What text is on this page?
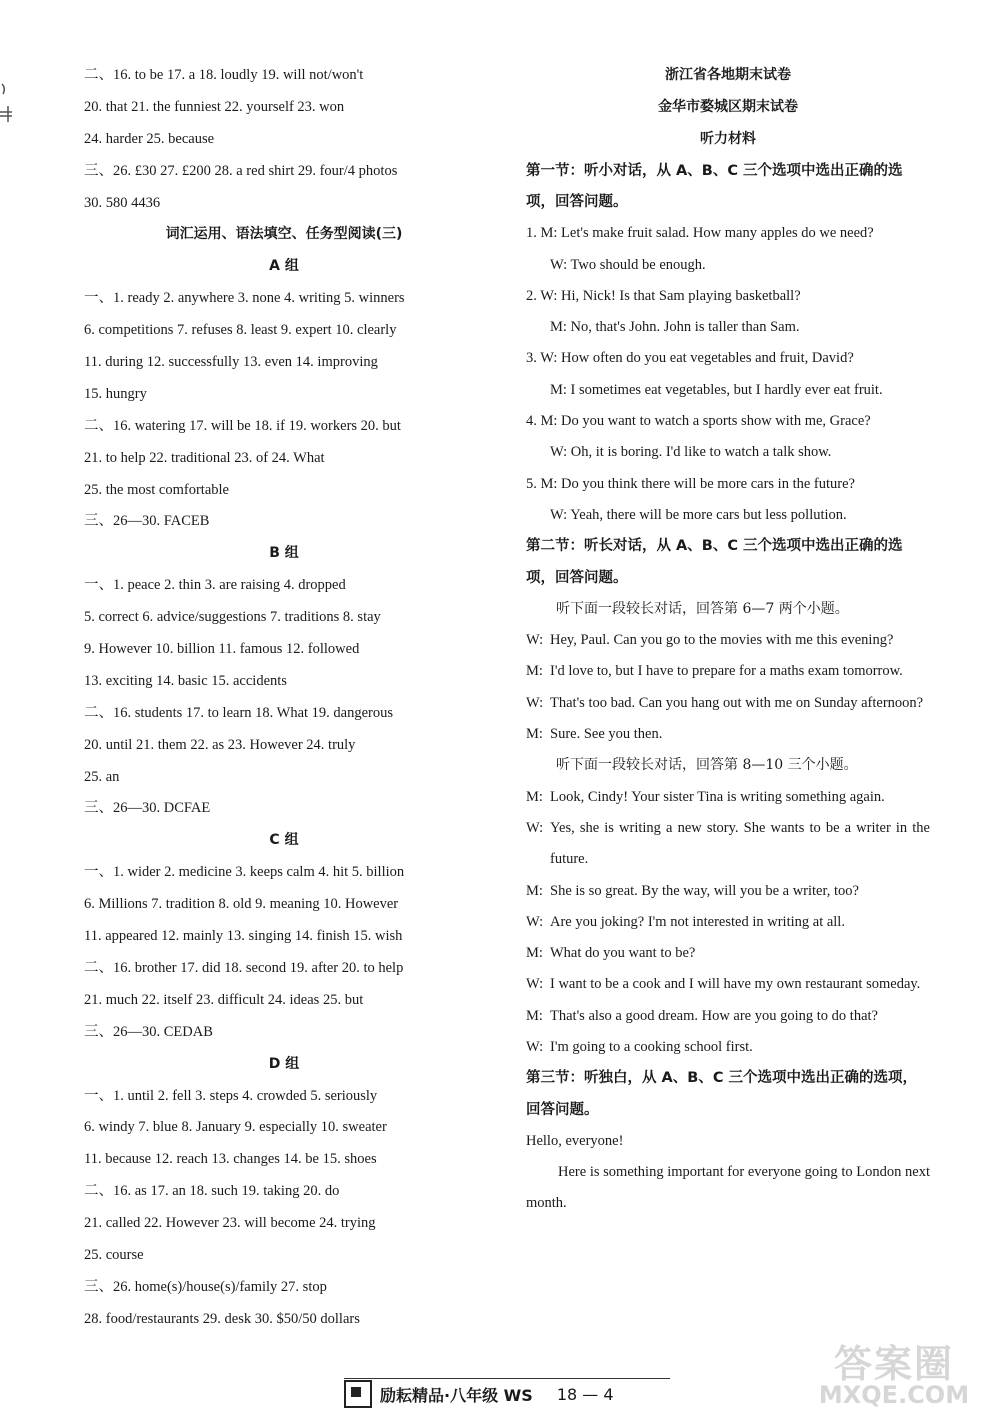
二、16. to be 17. a 18. loudly 19. will not/won't
20. that 21. the funniest 22. yourself 23. won
24. harder 25. because
三、26. £30 27. £200 28. a red shirt 29. four/4 photos
30. 580 4436
词汇运用、语法填空、任务型阅读(三)
A 组
一、1. ready 2. anywhere 3. none 4. writing 5. winners
6. competitions 7. refuses 8. least 9. expert 10. clearly
11. during 12. successfully 13. even 14. improving
15. hungry
二、16. watering 17. will be 18. if 19. workers 20. but
21. to help 22. traditional 23. of 24. What
25. the most comfortable
三、26—30. FACEB
B 组
一、1. peace 2. thin 3. are raising 4. dropped
5. correct 6. advice/suggestions 7. traditions 8. stay
9. However 10. billion 11. famous 12. followed
13. exciting 14. basic 15. accidents
二、16. students 17. to learn 18. What 19. dangerous
20. until 21. them 22. as 23. However 24. truly
25. an
三、26—30. DCFAE
C 组
一、1. wider 2. medicine 3. keeps calm 4. hit 5. billion
6. Millions 7. tradition 8. old 9. meaning 10. However
11. appeared 12. mainly 13. singing 14. finish 15. wish
二、16. brother 17. did 18. second 19. after 20. to help
21. much 22. itself 23. difficult 24. ideas 25. but
三、26—30. CEDAB
D 组
一、1. until 2. fell 3. steps 4. crowded 5. seriously
6. windy 7. blue 8. January 9. especially 10. sweater
11. because 12. reach 13. changes 14. be 15. shoes
二、16. as 17. an 18. such 19. taking 20. do
21. called 22. However 23. will become 24. trying
25. course
三、26. home(s)/house(s)/family 27. stop
28. food/restaurants 29. desk 30. $50/50 dollars
浙江省各地期末试卷
金华市婺城区期末试卷
听力材料
第一节：听小对话，从 A、B、C 三个选项中选出正确的选项，回答问题。
1. M: Let's make fruit salad. How many apples do we need?
W: Two should be enough.
2. W: Hi, Nick! Is that Sam playing basketball?
M: No, that's John. John is taller than Sam.
3. W: How often do you eat vegetables and fruit, David?
M: I sometimes eat vegetables, but I hardly ever eat fruit.
4. M: Do you want to watch a sports show with me, Grace?
W: Oh, it is boring. I'd like to watch a talk show.
5. M: Do you think there will be more cars in the future?
W: Yeah, there will be more cars but less pollution.
第二节：听长对话，从 A、B、C 三个选项中选出正确的选项，回答问题。
听下面一段较长对话，回答第 6—7 两个小题。
W: Hey, Paul. Can you go to the movies with me this evening?
M: I'd love to, but I have to prepare for a maths exam tomorrow.
W: That's too bad. Can you hang out with me on Sunday afternoon?
M: Sure. See you then.
听下面一段较长对话，回答第 8—10 三个小题。
M: Look, Cindy! Your sister Tina is writing something again.
W: Yes, she is writing a new story. She wants to be a writer in the future.
M: She is so great. By the way, will you be a writer, too?
W: Are you joking? I'm not interested in writing at all.
M: What do you want to be?
W: I want to be a cook and I will have my own restaurant someday.
M: That's also a good dream. How are you going to do that?
W: I'm going to a cooking school first.
第三节：听独白，从 A、B、C 三个选项中选出正确的选项，回答问题。
Hello, everyone!
Here is something important for everyone going to London next month.
励耘精品·八年级 WS 18 — 4
答案圈
MXQE.COM
